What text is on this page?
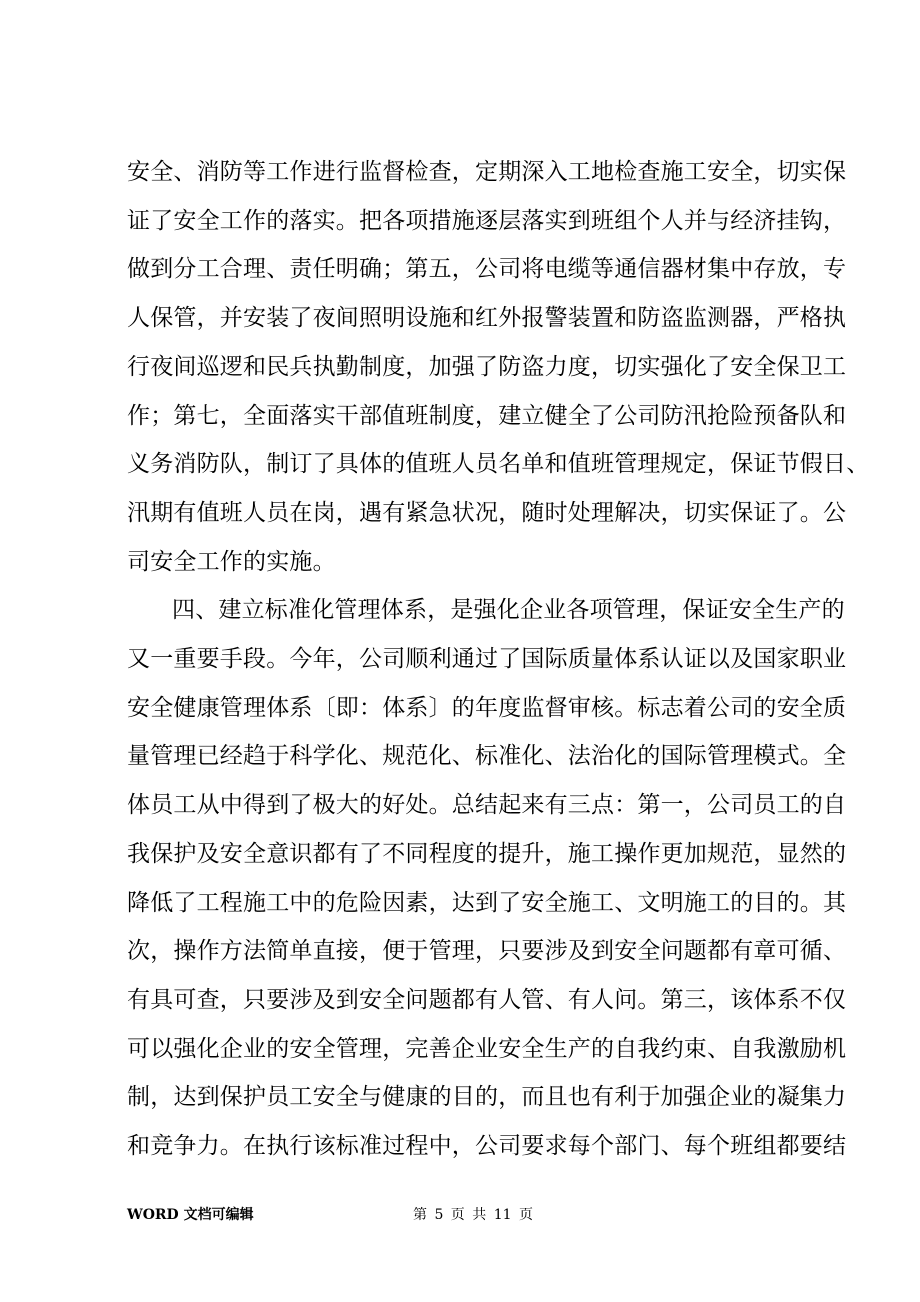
安全、消防等工作进行监督检查，定期深入工地检查施工安全，切实保
证了安全工作的落实。把各项措施逐层落实到班组个人并与经济挂钩，
做到分工合理、责任明确；第五，公司将电缆等通信器材集中存放，专
人保管，并安装了夜间照明设施和红外报警装置和防盗监测器，严格执
行夜间巡逻和民兵执勤制度，加强了防盗力度，切实强化了安全保卫工
作；第七，全面落实干部值班制度，建立健全了公司防汛抢险预备队和
义务消防队，制订了具体的值班人员名单和值班管理规定，保证节假日、
汛期有值班人员在岗，遇有紧急状况，随时处理解决，切实保证了。公
司安全工作的实施。
四、建立标准化管理体系，是强化企业各项管理，保证安全生产的
又一重要手段。今年，公司顺利通过了国际质量体系认证以及国家职业
安全健康管理体系〔即：体系〕的年度监督审核。标志着公司的安全质
量管理已经趋于科学化、规范化、标准化、法治化的国际管理模式。全
体员工从中得到了极大的好处。总结起来有三点：第一，公司员工的自
我保护及安全意识都有了不同程度的提升，施工操作更加规范，显然的
降低了工程施工中的危险因素，达到了安全施工、文明施工的目的。其
次，操作方法简单直接，便于管理，只要涉及到安全问题都有章可循、
有具可查，只要涉及到安全问题都有人管、有人问。第三，该体系不仅
可以强化企业的安全管理，完善企业安全生产的自我约束、自我激励机
制，达到保护员工安全与健康的目的，而且也有利于加强企业的凝集力
和竞争力。在执行该标准过程中，公司要求每个部门、每个班组都要结
WORD 文档可编辑	第 5 页 共 11 页
